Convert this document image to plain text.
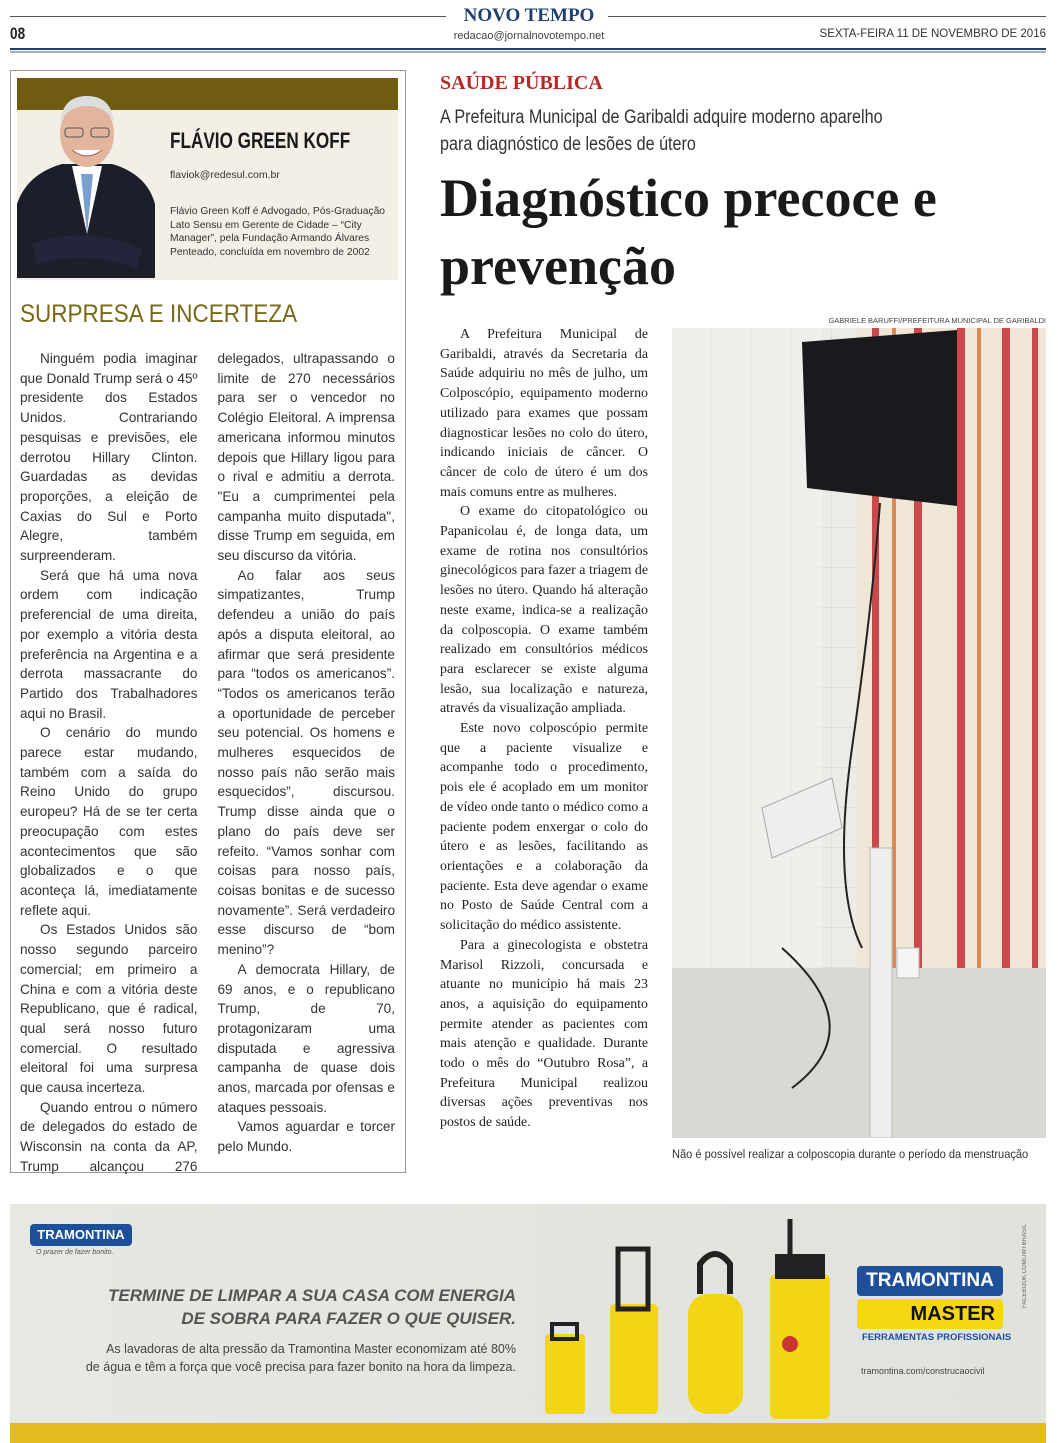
NOVO TEMPO
08	redacao@jornalnovotempo.net	SEXTA-FEIRA 11 DE NOVEMBRO DE 2016
FLÁVIO GREEN KOFF
flaviok@redesul.com.br
Flávio Green Koff é Advogado, Pós-Graduação Lato Sensu em Gerente de Cidade – “City Manager”, pela Fundação Armando Álvares Penteado, concluída em novembro de 2002
SURPRESA E INCERTEZA

Ninguém podia imaginar que Donald Trump será o 45º presidente dos Estados Unidos. Contrariando pesquisas e previsões, ele derrotou Hillary Clinton. Guardadas as devidas proporções, a eleição de Caxias do Sul e Porto Alegre, também surpreenderam.

Será que há uma nova ordem com indicação preferencial de uma direita, por exemplo a vitória desta preferência na Argentina e a derrota massacrante do Partido dos Trabalhadores aqui no Brasil.

O cenário do mundo parece estar mudando, também com a saída do Reino Unido do grupo europeu? Há de se ter certa preocupação com estes acontecimentos que são globalizados e o que aconteça lá, imediatamente reflete aqui.

Os Estados Unidos são nosso segundo parceiro comercial; em primeiro a China e com a vitória deste Republicano, que é radical, qual será nosso futuro comercial. O resultado eleitoral foi uma surpresa que causa incerteza.

Quando entrou o número de delegados do estado de Wisconsin na conta da AP, Trump alcançou 276 delegados, ultrapassando o limite de 270 necessários para ser o vencedor no Colégio Eleitoral. A imprensa americana informou minutos depois que Hillary ligou para o rival e admitiu a derrota. "Eu a cumprimentei pela campanha muito disputada", disse Trump em seguida, em seu discurso da vitória.

Ao falar aos seus simpatizantes, Trump defendeu a união do país após a disputa eleitoral, ao afirmar que será presidente para “todos os americanos”. “Todos os americanos terão a oportunidade de perceber seu potencial. Os homens e mulheres esquecidos de nosso país não serão mais esquecidos”, discursou. Trump disse ainda que o plano do país deve ser refeito. “Vamos sonhar com coisas para nosso país, coisas bonitas e de sucesso novamente”. Será verdadeiro esse discurso de “bom menino”?

A democrata Hillary, de 69 anos, e o republicano Trump, de 70, protagonizaram uma disputada e agressiva campanha de quase dois anos, marcada por ofensas e ataques pessoais.

Vamos aguardar e torcer pelo Mundo.

SAÚDE PÚBLICA
A Prefeitura Municipal de Garibaldi adquire moderno aparelho para diagnóstico de lesões de útero
Diagnóstico precoce e prevenção
GABRIELE BARUFFI/PREFEITURA MUNICIPAL DE GARIBALDI

A Prefeitura Municipal de Garibaldi, através da Secretaria da Saúde adquiriu no mês de julho, um Colposcópio, equipamento moderno utilizado para exames que possam diagnosticar lesões no colo do útero, indicando iniciais de câncer. O câncer de colo de útero é um dos mais comuns entre as mulheres.

O exame do citopatológico ou Papanicolau é, de longa data, um exame de rotina nos consultórios ginecológicos para fazer a triagem de lesões no útero. Quando há alteração neste exame, indica-se a realização da colposcopia. O exame também realizado em consultórios médicos para esclarecer se existe alguma lesão, sua localização e natureza, através da visualização ampliada.

Este novo colposcópio permite que a paciente visualize e acompanhe todo o procedimento, pois ele é acoplado em um monitor de vídeo onde tanto o médico como a paciente podem enxergar o colo do útero e as lesões, facilitando as orientações e a colaboração da paciente. Esta deve agendar o exame no Posto de Saúde Central com a solicitação do médico assistente.

Para a ginecologista e obstetra Marisol Rizzoli, concursada e atuante no município há mais 23 anos, a aquisição do equipamento permite atender as pacientes com mais atenção e qualidade. Durante todo o mês do “Outubro Rosa”, a Prefeitura Municipal realizou diversas ações preventivas nos postos de saúde.

Não é possível realizar a colposcopia durante o período da menstruação
TRAMONTINA
O prazer de fazer bonito.
TERMINE DE LIMPAR A SUA CASA COM ENERGIA
DE SOBRA PARA FAZER O QUE QUISER.
As lavadoras de alta pressão da Tramontina Master economizam até 80%
de água e têm a força que você precisa para fazer bonito na hora da limpeza.
TRAMONTINA
MASTER
FERRAMENTAS PROFISSIONAIS
tramontina.com/construcaocivil
FACEBOOK.COM/JWTBRASIL
